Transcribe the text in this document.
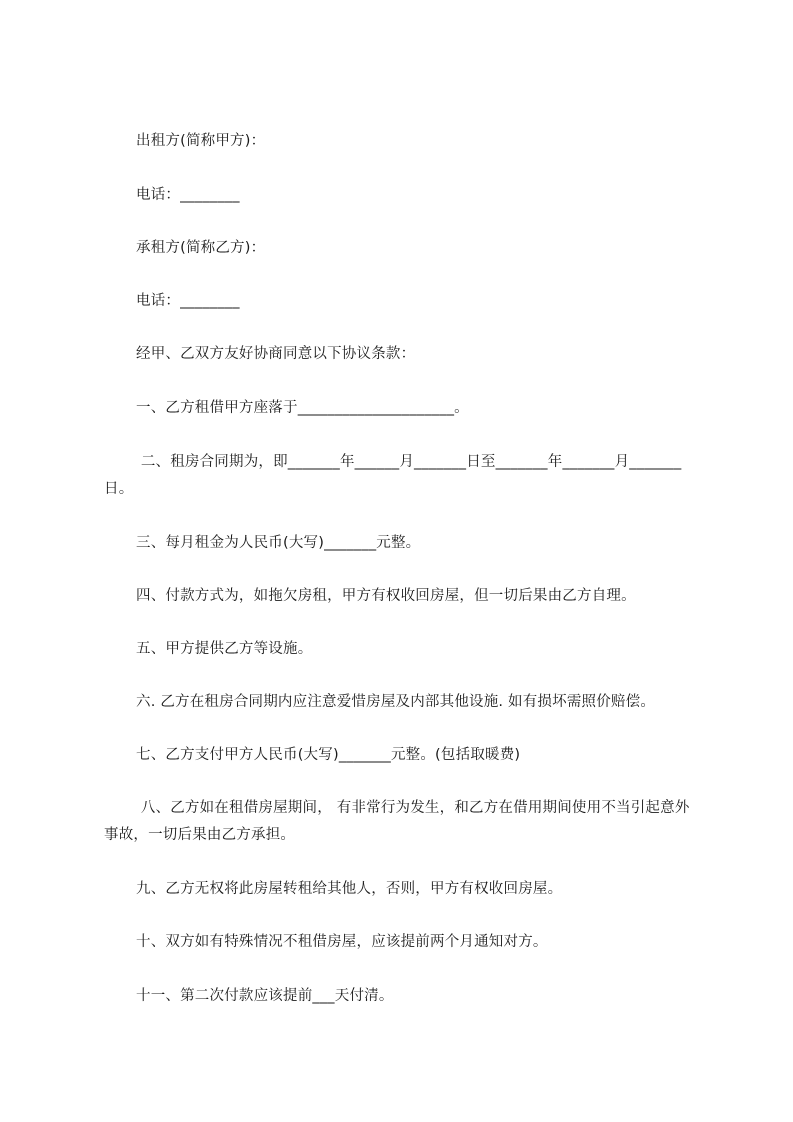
出租方(简称甲方)：

电话：________

承租方(简称乙方)：

电话：________

经甲、乙双方友好协商同意以下协议条款：

一、乙方租借甲方座落于_____________________。

二、租房合同期为，即_______年______月_______日至_______年_______月_______日。

三、每月租金为人民币(大写)_______元整。

四、付款方式为，如拖欠房租，甲方有权收回房屋，但一切后果由乙方自理。

五、甲方提供乙方等设施。

六. 乙方在租房合同期内应注意爱惜房屋及内部其他设施. 如有损坏需照价赔偿。

七、乙方支付甲方人民币(大写)_______元整。(包括取暖费)

八、乙方如在租借房屋期间， 有非常行为发生，和乙方在借用期间使用不当引起意外事故，一切后果由乙方承担。

九、乙方无权将此房屋转租给其他人，否则，甲方有权收回房屋。

十、双方如有特殊情况不租借房屋，应该提前两个月通知对方。

十一、第二次付款应该提前___天付清。
